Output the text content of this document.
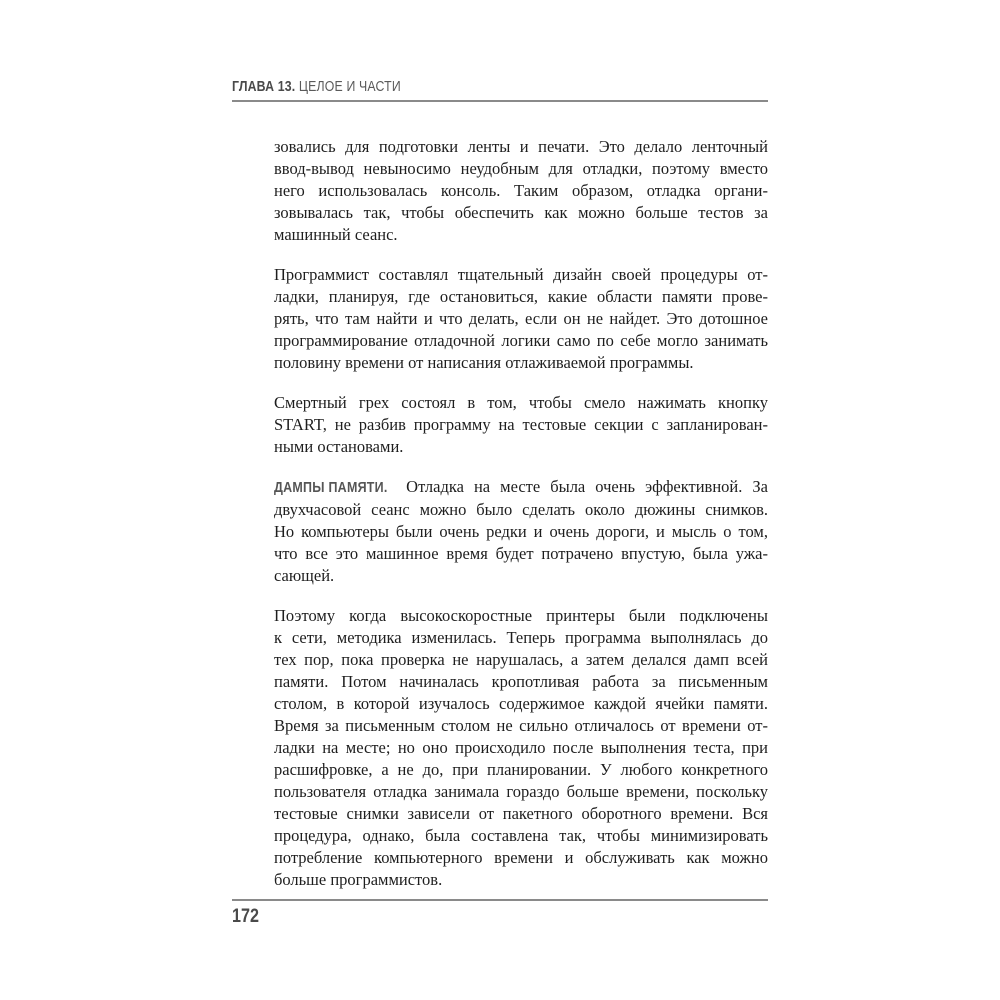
ГЛАВА 13. ЦЕЛОЕ И ЧАСТИ

зовались для подготовки ленты и печати. Это делало ленточный
ввод-вывод невыносимо неудобным для отладки, поэтому вместо
него использовалась консоль. Таким образом, отладка органи-
зовывалась так, чтобы обеспечить как можно больше тестов за
машинный сеанс.

Программист составлял тщательный дизайн своей процедуры от-
ладки, планируя, где остановиться, какие области памяти прове-
рять, что там найти и что делать, если он не найдет. Это дотошное
программирование отладочной логики само по себе могло занимать
половину времени от написания отлаживаемой программы.

Смертный грех состоял в том, чтобы смело нажимать кнопку
START, не разбив программу на тестовые секции с запланирован-
ными остановами.

ДАМПЫ ПАМЯТИ. Отладка на месте была очень эффективной. За
двухчасовой сеанс можно было сделать около дюжины снимков.
Но компьютеры были очень редки и очень дороги, и мысль о том,
что все это машинное время будет потрачено впустую, была ужа-
сающей.

Поэтому когда высокоскоростные принтеры были подключены
к сети, методика изменилась. Теперь программа выполнялась до
тех пор, пока проверка не нарушалась, а затем делался дамп всей
памяти. Потом начиналась кропотливая работа за письменным
столом, в которой изучалось содержимое каждой ячейки памяти.
Время за письменным столом не сильно отличалось от времени от-
ладки на месте; но оно происходило после выполнения теста, при
расшифровке, а не до, при планировании. У любого конкретного
пользователя отладка занимала гораздо больше времени, поскольку
тестовые снимки зависели от пакетного оборотного времени. Вся
процедура, однако, была составлена так, чтобы минимизировать
потребление компьютерного времени и обслуживать как можно
больше программистов.

172
